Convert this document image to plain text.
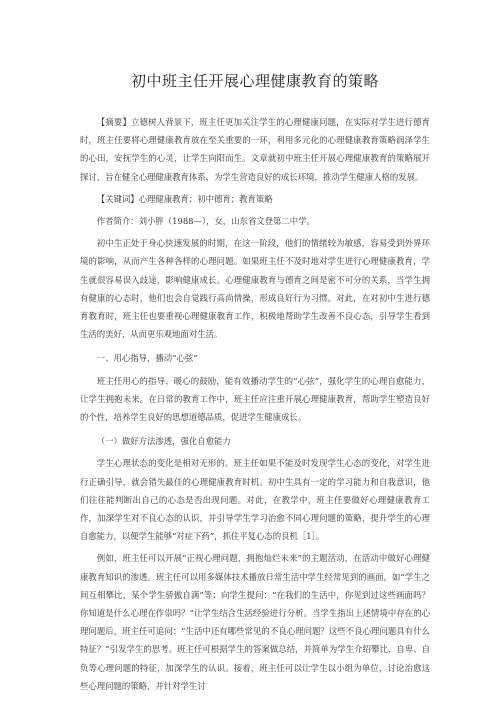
初中班主任开展心理健康教育的策略

【摘要】立德树人背景下，班主任更加关注学生的心理健康问题，在实际对学生进行德育时，班主任要将心理健康教育放在至关重要的一环，利用多元化的心理健康教育策略润泽学生的心田，安抚学生的心灵，让学生向阳而生。文章就初中班主任开展心理健康教育的策略展开探讨，旨在健全心理健康教育体系，为学生营造良好的成长环境，推动学生健康人格的发展。

【关键词】心理健康教育；初中德育；教育策略

作者简介：刘小胖（1988—），女，山东省文登第二中学。

初中生正处于身心快速发展的时期，在这一阶段，他们的情绪较为敏感，容易受到外界环境的影响，从而产生各种各样的心理问题。如果班主任不及时地对学生进行心理健康教育，学生就很容易误入歧途，影响健康成长。心理健康教育与德育之间是密不可分的关系，当学生拥有健康的心态时，他们也会自觉践行高尚情操，形成良好行为习惯。对此，在对初中生进行德育教育时，班主任也要重视心理健康教育工作，积极地帮助学生改善不良心态，引导学生看到生活的美好，从而更乐观地面对生活。

一、用心指导，播动“心弦”

班主任用心的指导、暖心的鼓励，能有效播动学生的“心弦”，强化学生的心理自愈能力，让学生拥抱未来。在日常的教育工作中，班主任应注重开展心理健康教育，帮助学生塑造良好的个性，培养学生良好的思想道德品质，促进学生健康成长。

（一）做好方法渗透，强化自愈能力

学生心理状态的变化是相对无形的。班主任如果不能及时发现学生心态的变化，对学生进行正确引导，就会错失最佳的心理健康教育时机。初中生具有一定的学习能力和自我意识，他们往往能判断出自己的心态是否出现问题。对此，在教学中，班主任要做好心理健康教育工作，加深学生对不良心态的认识，并引导学生学习治愈不同心理问题的策略，提升学生的心理自愈能力，以便学生能够“对症下药”，抓住平复心态的良机［1］。

例如，班主任可以开展“正视心理问题，拥抱灿烂未来”的主题活动，在活动中做好心理健康教育知识的渗透。班主任可以用多媒体技术播放日常生活中学生经常见到的画面，如“学生之间互相攀比，某个学生骄傲自满”等；向学生提问：“在我们的生活中，你见到过这些画面吗？你知道是什么心理在作祟吗？”让学生结合生活经验进行分析。当学生指出上述情境中存在的心理问题后，班主任可追问：“生活中还有哪些常见的不良心理问题？这些不良心理问题具有什么特征？”引发学生的思考。班主任可根据学生的答案做总结，并简单为学生介绍攀比、自卑、自负等心理问题的特征，加深学生的认识。接着，班主任可以让学生以小组为单位，讨论治愈这些心理问题的策略，并针对学生讨
